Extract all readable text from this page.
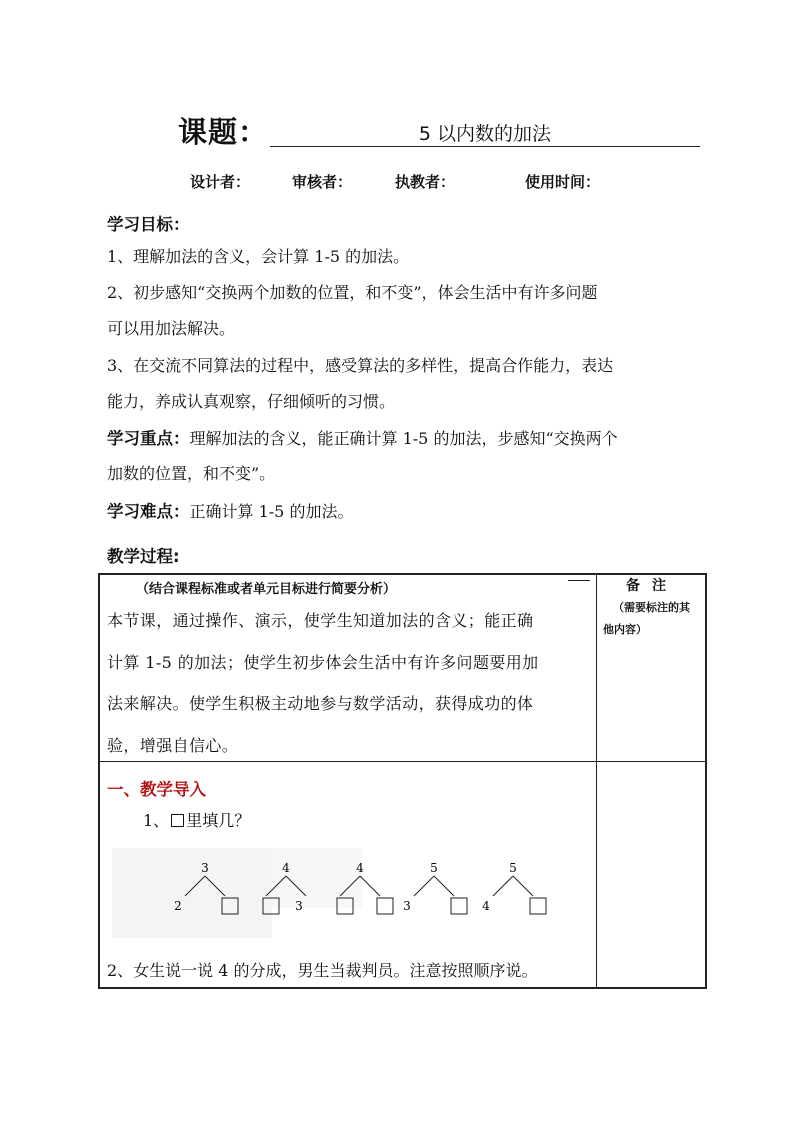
课题：	5 以内数的加法
设计者：	审核者：	执教者：	使用时间：
学习目标：
1、理解加法的含义，会计算 1-5 的加法。
2、初步感知“交换两个加数的位置，和不变”，体会生活中有许多问题
可以用加法解决。
3、在交流不同算法的过程中，感受算法的多样性，提高合作能力，表达
能力，养成认真观察，仔细倾听的习惯。
学习重点：理解加法的含义，能正确计算 1-5 的加法，步感知“交换两个
加数的位置，和不变”。
学习难点：正确计算 1-5 的加法。
教学过程:
（结合课程标准或者单元目标进行简要分析）	备注
（需要标注的其
他内容）
本节课，通过操作、演示，使学生知道加法的含义；能正确
计算 1-5 的加法；使学生初步体会生活中有许多问题要用加
法来解决。使学生积极主动地参与数学活动，获得成功的体
验，增强自信心。
一、教学导入
1、 里填几？
3
2
4
3
4	5
3
5
4
2、女生说一说 4 的分成，男生当裁判员。注意按照顺序说。
